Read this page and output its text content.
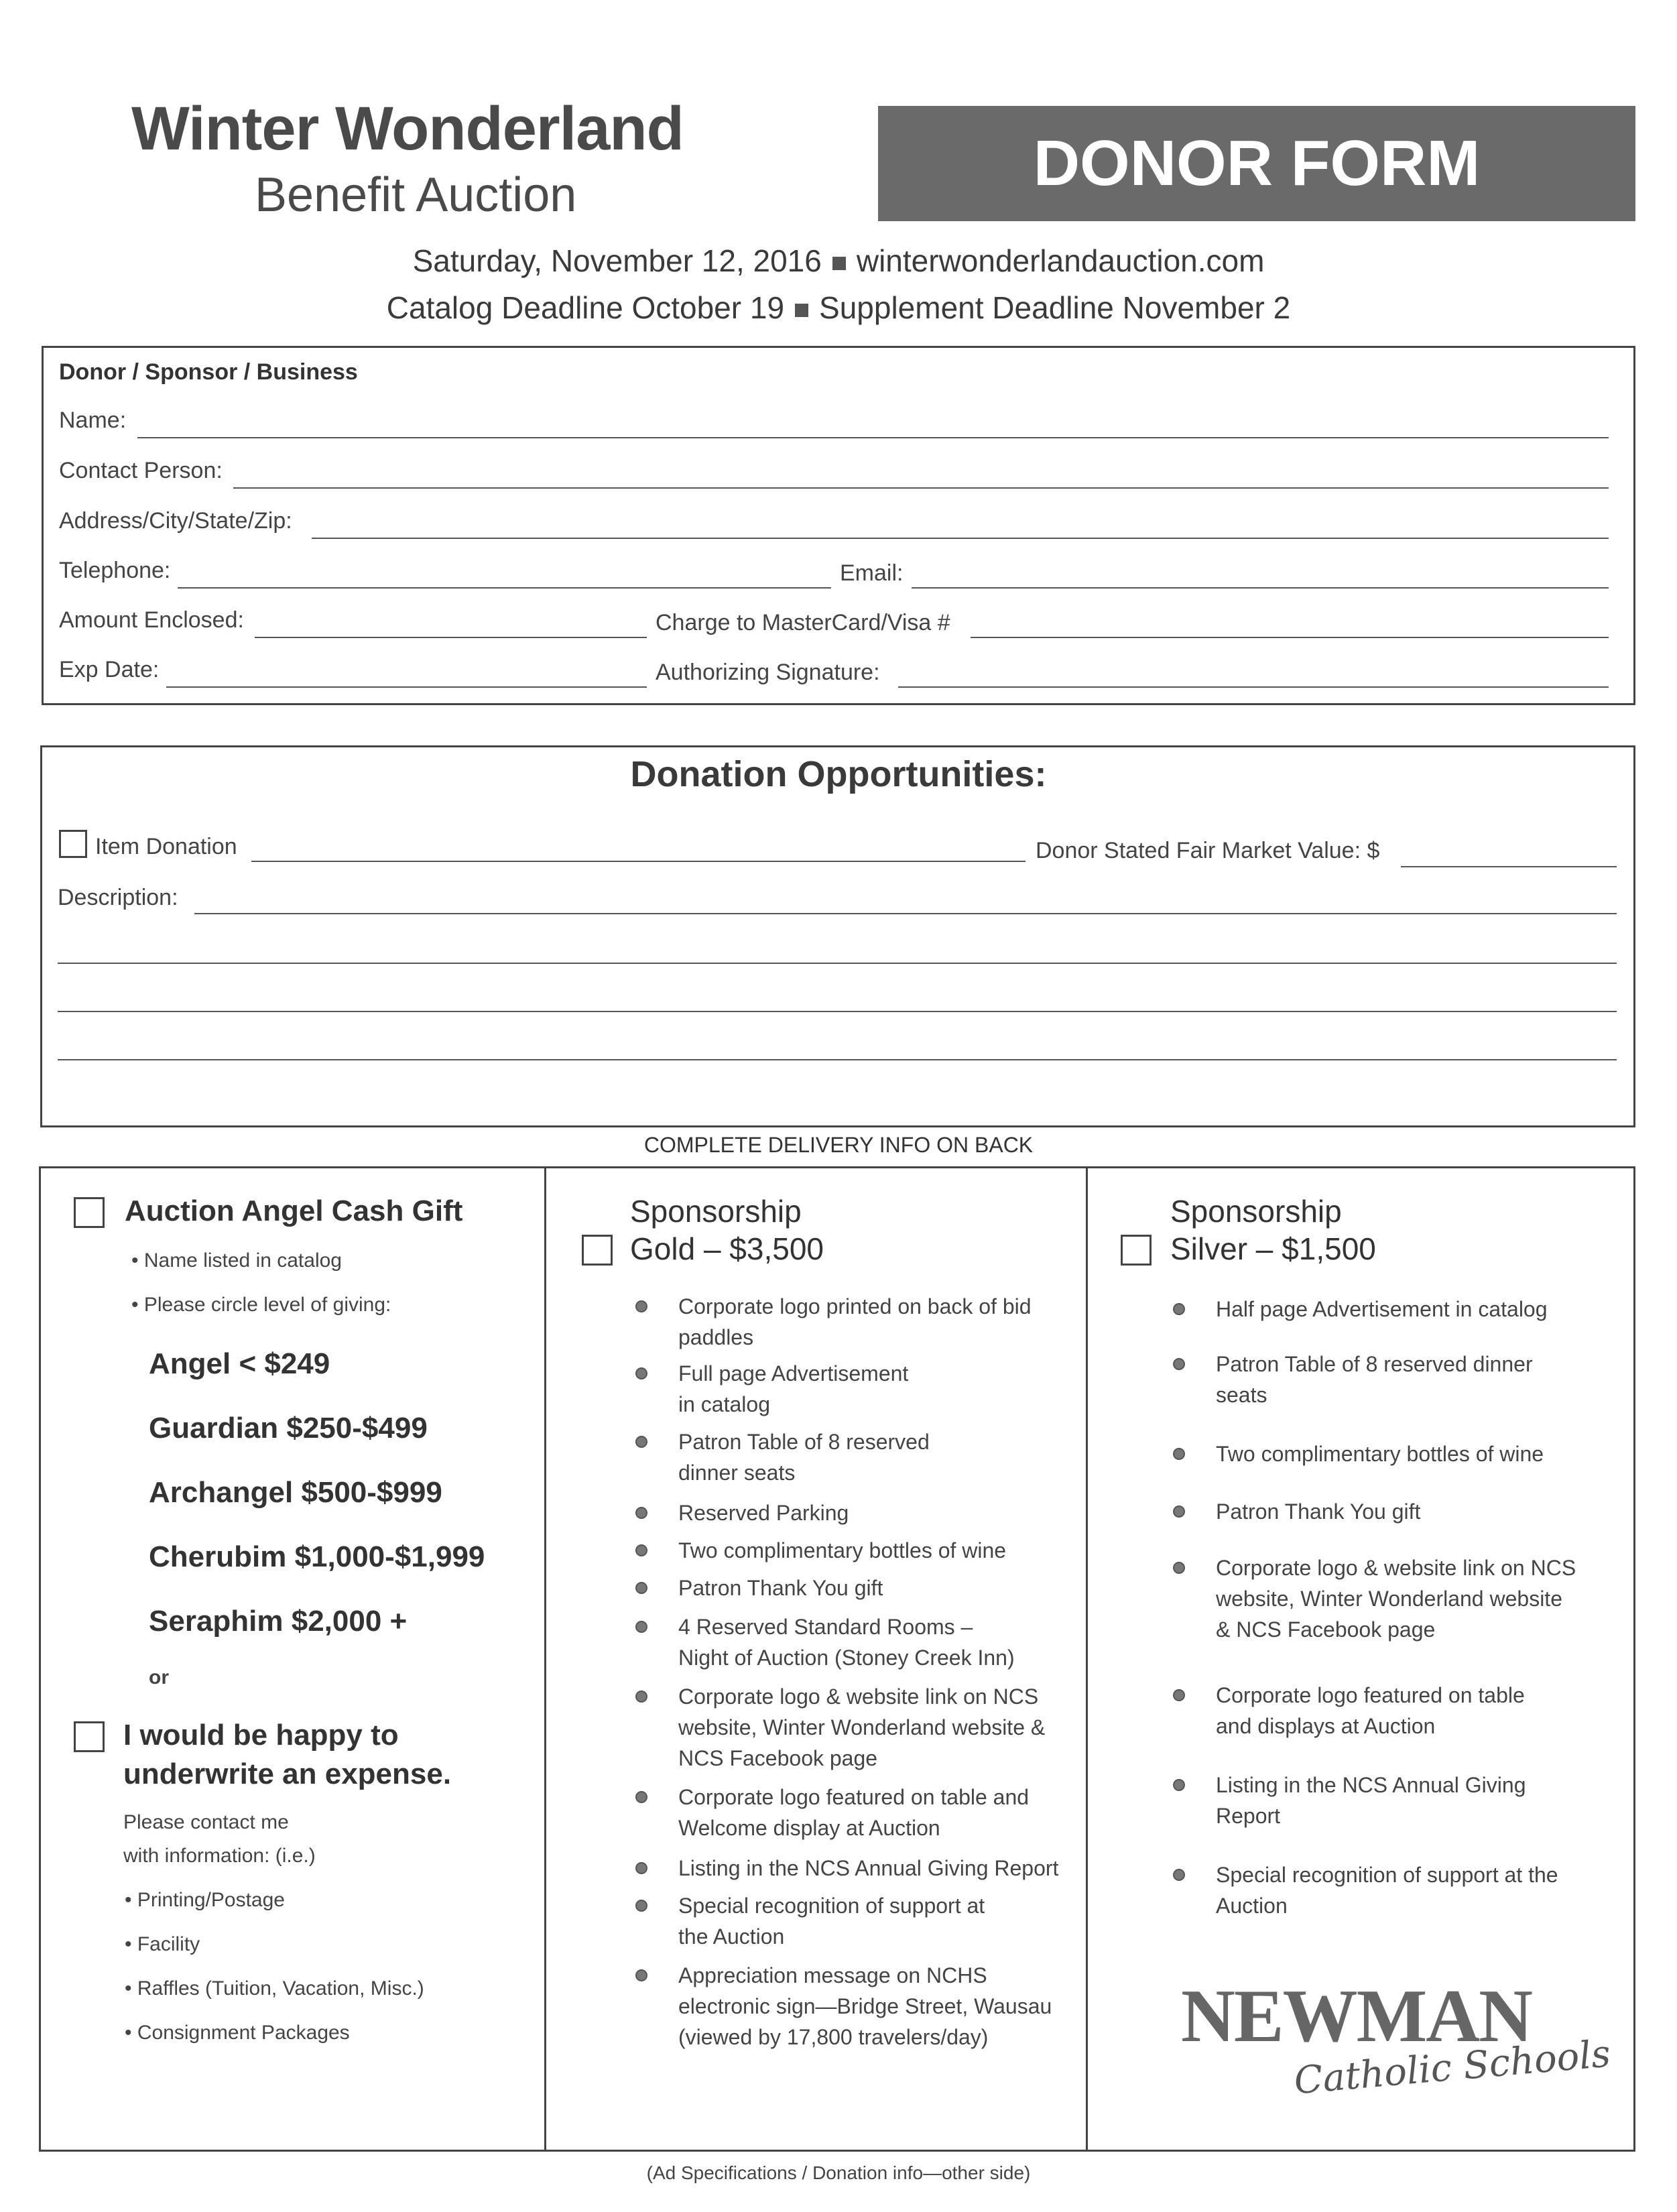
Winter Wonderland
Benefit Auction	DONOR FORM
Saturday, November 12, 2016 winterwonderlandauction.com
Catalog Deadline October 19 Supplement Deadline November 2
Donor / Sponsor / Business
Name:
Contact Person:
Address/City/State/Zip:
Telephone:	Email:
Amount Enclosed:	Charge to MasterCard/Visa #
Exp Date:	Authorizing Signature:
Donation Opportunities:
Item Donation	Donor Stated Fair Market Value: $
Description:
COMPLETE DELIVERY INFO ON BACK
Auction Angel Cash Gift
• Name listed in catalog
• Please circle level of giving:
Angel < $249
Guardian $250-$499
Archangel $500-$999
Cherubim $1,000-$1,999
Seraphim $2,000 +
or
I would be happy to
underwrite an expense.
Please contact me
with information: (i.e.)
• Printing/Postage
• Facility
• Raffles (Tuition, Vacation, Misc.)
• Consignment Packages
Sponsorship
Gold – $3,500
Corporate logo printed on back of bid
paddles
Full page Advertisement
in catalog
Patron Table of 8 reserved
dinner seats
Reserved Parking
Two complimentary bottles of wine
Patron Thank You gift
4 Reserved Standard Rooms –
Night of Auction (Stoney Creek Inn)
Corporate logo & website link on NCS
website, Winter Wonderland website &
NCS Facebook page
Corporate logo featured on table and
Welcome display at Auction
Listing in the NCS Annual Giving Report
Special recognition of support at
the Auction
Appreciation message on NCHS
electronic sign—Bridge Street, Wausau
(viewed by 17,800 travelers/day)
Sponsorship
Silver – $1,500
Half page Advertisement in catalog
Patron Table of 8 reserved dinner
seats
Two complimentary bottles of wine
Patron Thank You gift
Corporate logo & website link on NCS
website, Winter Wonderland website
& NCS Facebook page
Corporate logo featured on table
and displays at Auction
Listing in the NCS Annual Giving
Report
Special recognition of support at the
Auction
NEWMAN
Catholic Schools
(Ad Specifications / Donation info—other side)
